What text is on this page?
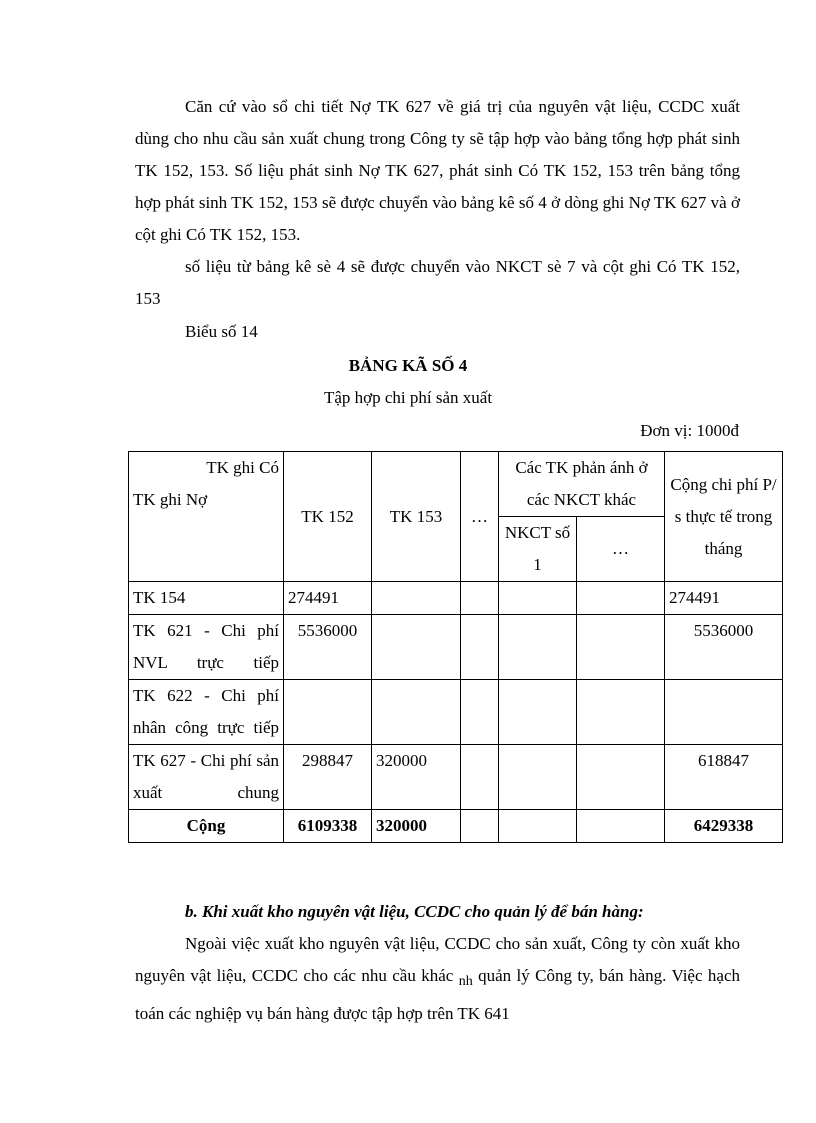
Căn cứ vào sổ chi tiết Nợ TK 627 về giá trị của nguyên vật liệu, CCDC xuất dùng cho nhu cầu sản xuất chung trong Công ty sẽ tập hợp vào bảng tổng hợp phát sinh TK 152, 153. Số liệu phát sinh Nợ TK 627, phát sinh Có TK 152, 153 trên bảng tổng hợp phát sinh TK 152, 153 sẽ được chuyển vào bảng kê số 4 ở dòng ghi Nợ TK 627 và ở cột ghi Có TK 152, 153.
số liệu từ bảng kê sè 4 sẽ được chuyển vào NKCT sè 7 và cột ghi Có TK 152, 153
Biểu số 14
BẢNG KÃ SỐ 4
Tập hợp chi phí sản xuất
Đơn vị: 1000đ
TK ghi Có
TK ghi Nợ	TK 152	TK 153	…	Các TK phản ánh ở các NKCT khác		Cộng chi phí P/ s thực tế trong tháng
				NKCT số 1	…	
TK 154	274491					274491
TK 621 - Chi phí NVL trực tiếp	5536000					5536000
TK 622 - Chi phí nhân công trực tiếp						
TK 627 - Chi phí sản xuất chung	298847	320000				618847
Cộng	6109338	320000				6429338
b. Khi xuất kho nguyên vật liệu, CCDC cho quản lý để bán hàng:
Ngoài việc xuất kho nguyên vật liệu, CCDC cho sản xuất, Công ty còn xuất kho nguyên vật liệu, CCDC cho các nhu cầu khác $_{nh}$ quản lý Công ty, bán hàng. Việc hạch toán các nghiệp vụ bán hàng được tập hợp trên TK 641
